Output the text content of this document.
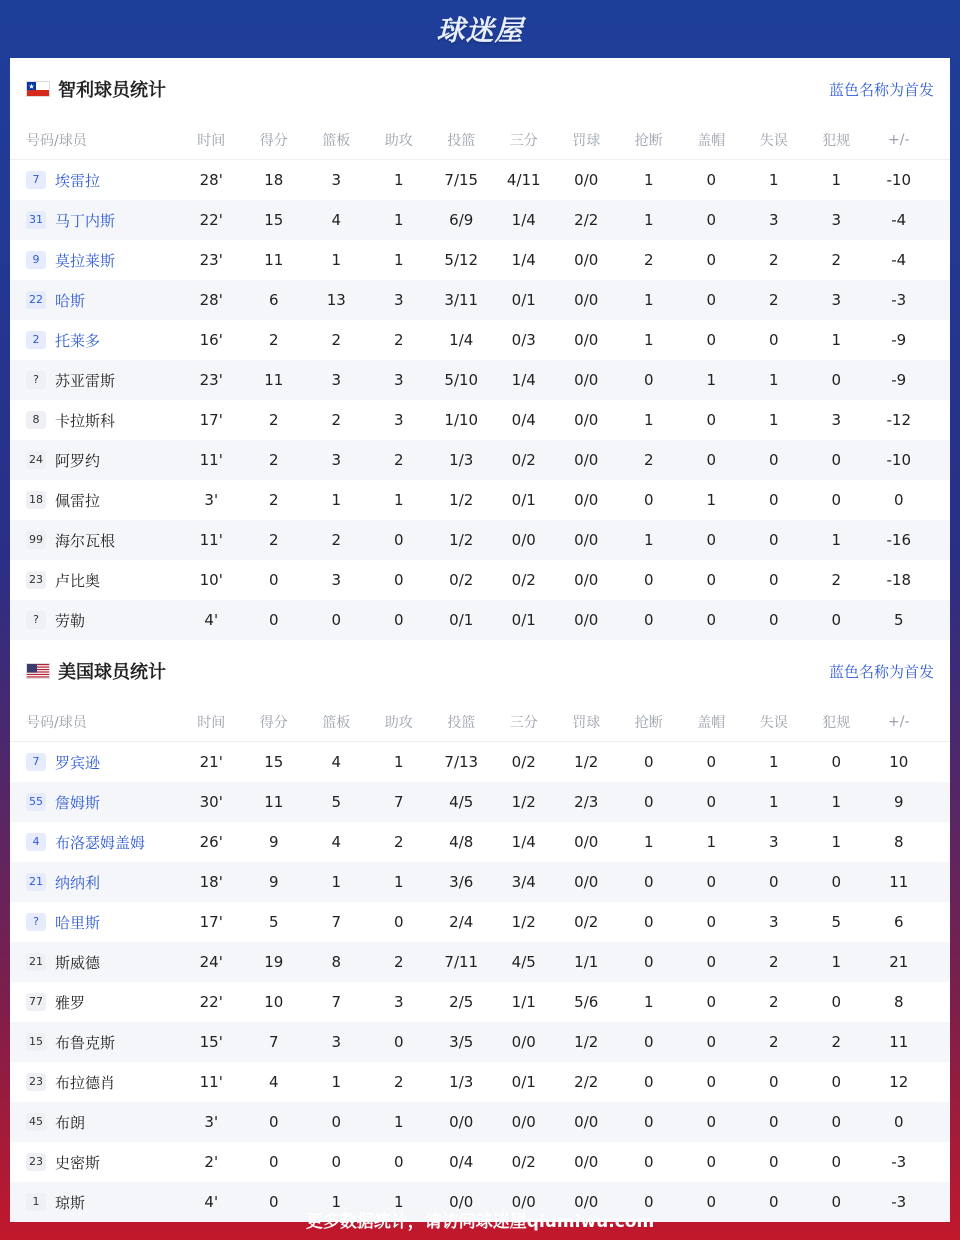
球迷屋
智利球员统计	蓝色名称为首发
号码/球员	时间	得分	篮板	助攻	投篮	三分	罚球	抢断	盖帽	失误	犯规	+/-
7	埃雷拉	28'	18	3	1	7/15	4/11	0/0	1	0	1	1	-10
31 马丁内斯	22'	15	4	1	6/9	1/4	2/2	1	0	3	3	-4
9	莫拉莱斯	23'	11	1	1	5/12	1/4	0/0	2	0	2	2	-4
22 哈斯	28'	6	13	3	3/11	0/1	0/0	1	0	2	3	-3
2	托莱多	16'	2	2	2	1/4	0/3	0/0	1	0	0	1	-9
?	苏亚雷斯	23'	11	3	3	5/10	1/4	0/0	0	1	1	0	-9
8	卡拉斯科	17'	2	2	3	1/10	0/4	0/0	1	0	1	3	-12
24 阿罗约	11'	2	3	2	1/3	0/2	0/0	2	0	0	0	-10
18 佩雷拉	3'	2	1	1	1/2	0/1	0/0	0	1	0	0	0
99 海尔瓦根	11'	2	2	0	1/2	0/0	0/0	1	0	0	1	-16
23 卢比奥	10'	0	3	0	0/2	0/2	0/0	0	0	0	2	-18
?	劳勒	4'	0	0	0	0/1	0/1	0/0	0	0	0	0	5
美国球员统计	蓝色名称为首发
号码/球员	时间	得分	篮板	助攻	投篮	三分	罚球	抢断	盖帽	失误	犯规	+/-
7	罗宾逊	21'	15	4	1	7/13	0/2	1/2	0	0	1	0	10
55 詹姆斯	30'	11	5	7	4/5	1/2	2/3	0	0	1	1	9
4	布洛瑟姆盖姆	26'	9	4	2	4/8	1/4	0/0	1	1	3	1	8
21 纳纳利	18'	9	1	1	3/6	3/4	0/0	0	0	0	0	11
?	哈里斯	17'	5	7	0	2/4	1/2	0/2	0	0	3	5	6
21 斯威德	24'	19	8	2	7/11	4/5	1/1	0	0	2	1	21
77 雅罗	22'	10	7	3	2/5	1/1	5/6	1	0	2	0	8
15 布鲁克斯	15'	7	3	0	3/5	0/0	1/2	0	0	2	2	11
23 布拉德肖	11'	4	1	2	1/3	0/1	2/2	0	0	0	0	12
45 布朗	3'	0	0	1	0/0	0/0	0/0	0	0	0	0	0
23 史密斯	2'	0	0	0	0/4	0/2	0/0	0	0	0	0	-3
1	琼斯	4'	0	1	1	0/0	0/0	0/0	0	0	0	0	-3
更多数据统计，请访问球迷屋qiumiwu.com
